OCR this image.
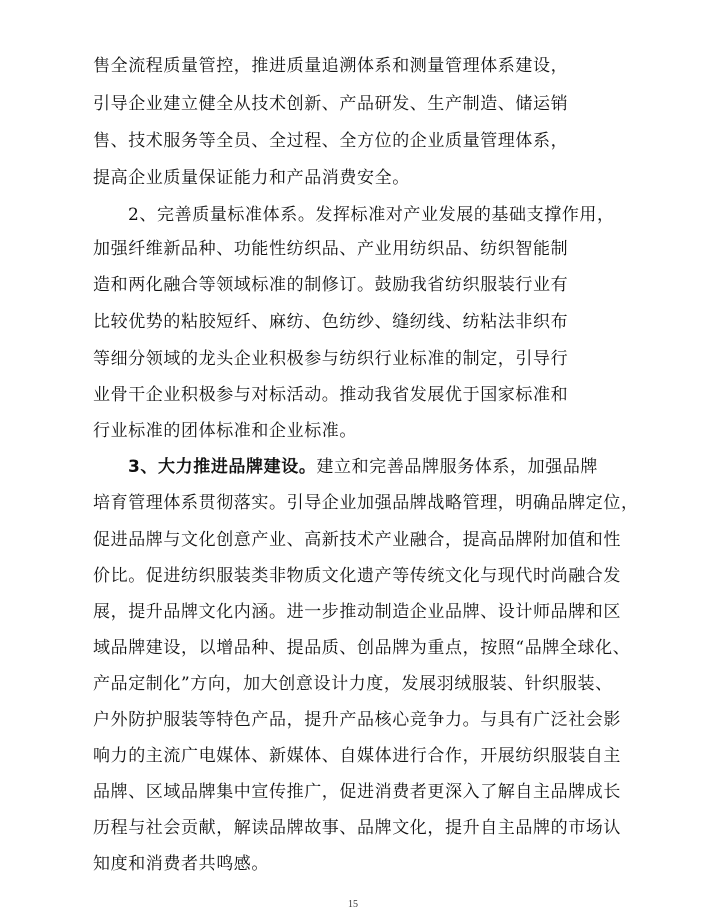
售全流程质量管控，推进质量追溯体系和测量管理体系建设，
引导企业建立健全从技术创新、产品研发、生产制造、储运销
售、技术服务等全员、全过程、全方位的企业质量管理体系，
提高企业质量保证能力和产品消费安全。
2、完善质量标准体系。发挥标准对产业发展的基础支撑作用，
加强纤维新品种、功能性纺织品、产业用纺织品、纺织智能制
造和两化融合等领域标准的制修订。鼓励我省纺织服装行业有
比较优势的粘胶短纤、麻纺、色纺纱、缝纫线、纺粘法非织布
等细分领域的龙头企业积极参与纺织行业标准的制定，引导行
业骨干企业积极参与对标活动。推动我省发展优于国家标准和
行业标准的团体标准和企业标准。
3、大力推进品牌建设。建立和完善品牌服务体系，加强品牌
培育管理体系贯彻落实。引导企业加强品牌战略管理，明确品牌定位，
促进品牌与文化创意产业、高新技术产业融合，提高品牌附加值和性
价比。促进纺织服装类非物质文化遗产等传统文化与现代时尚融合发
展，提升品牌文化内涵。进一步推动制造企业品牌、设计师品牌和区
域品牌建设，以增品种、提品质、创品牌为重点，按照“品牌全球化、
产品定制化”方向，加大创意设计力度，发展羽绒服装、针织服装、
户外防护服装等特色产品，提升产品核心竞争力。与具有广泛社会影
响力的主流广电媒体、新媒体、自媒体进行合作，开展纺织服装自主
品牌、区域品牌集中宣传推广，促进消费者更深入了解自主品牌成长
历程与社会贡献，解读品牌故事、品牌文化，提升自主品牌的市场认
知度和消费者共鸣感。
15
